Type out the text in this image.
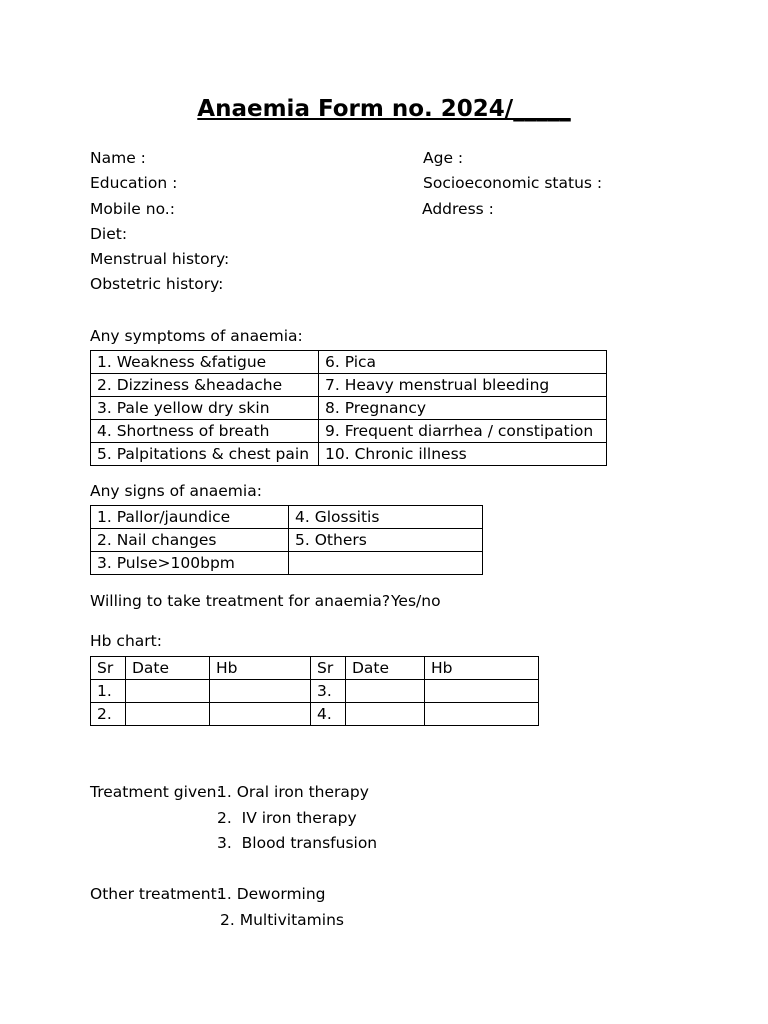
Anaemia Form no. 2024/_____
Name :	Age :
Education :	Socioeconomic status :
Mobile no.:	Address :
Diet:
Menstrual history:
Obstetric history:
Any symptoms of anaemia:
1. Weakness &fatigue	6. Pica
2. Dizziness &headache	7. Heavy menstrual bleeding
3. Pale yellow dry skin	8. Pregnancy
4. Shortness of breath	9. Frequent diarrhea / constipation
5. Palpitations & chest pain	10. Chronic illness
Any signs of anaemia:
1. Pallor/jaundice	4. Glossitis
2. Nail changes	5. Others
3. Pulse>100bpm	
Willing to take treatment for anaemia? Yes/no
Hb chart:
Sr	Date	Hb	Sr	Date	Hb
1.			3.		
2.			4.		
Treatment given:
1. Oral iron therapy
2.  IV iron therapy
3.  Blood transfusion
Other treatment:
1. Deworming
2. Multivitamins
